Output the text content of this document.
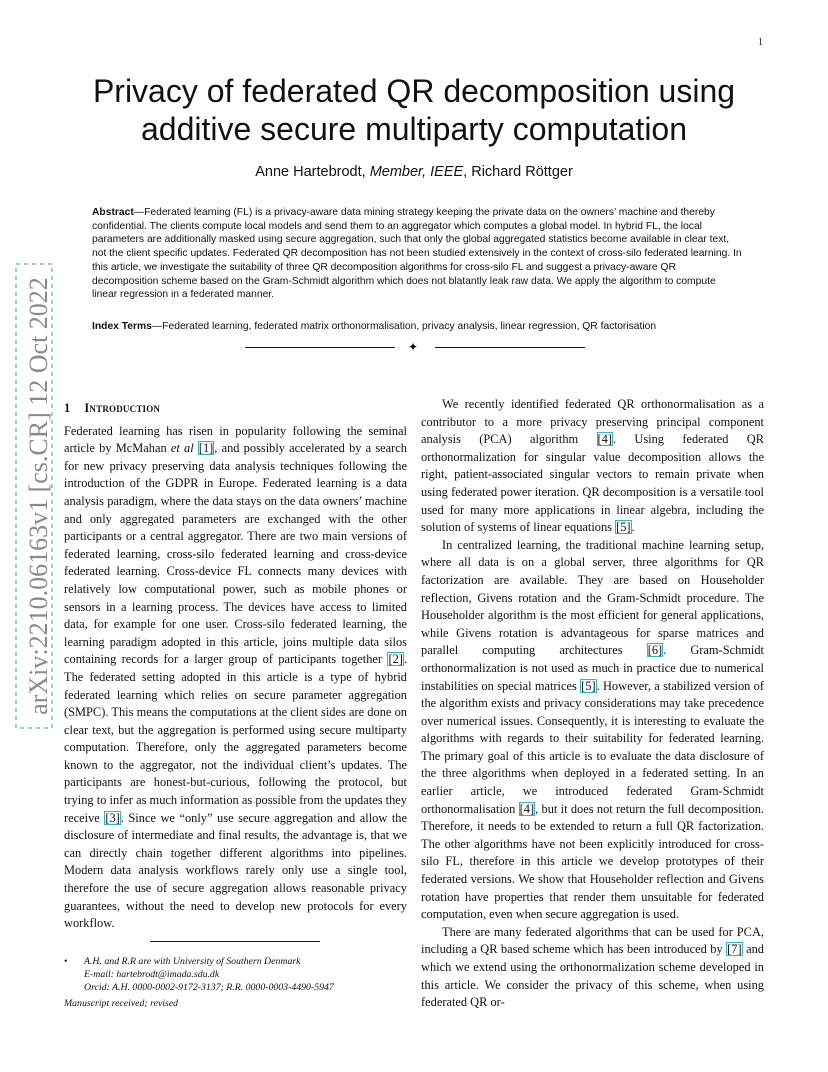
1
Privacy of federated QR decomposition using additive secure multiparty computation
Anne Hartebrodt, Member, IEEE, Richard Röttger

Abstract—Federated learning (FL) is a privacy-aware data mining strategy keeping the private data on the owners’ machine and thereby confidential. The clients compute local models and send them to an aggregator which computes a global model. In hybrid FL, the local parameters are additionally masked using secure aggregation, such that only the global aggregated statistics become available in clear text, not the client specific updates. Federated QR decomposition has not been studied extensively in the context of cross-silo federated learning. In this article, we investigate the suitability of three QR decomposition algorithms for cross-silo FL and suggest a privacy-aware QR decomposition scheme based on the Gram-Schmidt algorithm which does not blatantly leak raw data. We apply the algorithm to compute linear regression in a federated manner.

Index Terms—Federated learning, federated matrix orthonormalisation, privacy analysis, linear regression, QR factorisation

✦
arXiv:2210.06163v1 [cs.CR] 12 Oct 2022 1 Introduction

Federated learning has risen in popularity following the seminal article by McMahan et al [1], and possibly accelerated by a search for new privacy preserving data analysis techniques following the introduction of the GDPR in Europe. Federated learning is a data analysis paradigm, where the data stays on the data owners’ machine and only aggregated parameters are exchanged with the other participants or a central aggregator. There are two main versions of federated learning, cross-silo federated learning and cross-device federated learning. Cross-device FL connects many devices with relatively low computational power, such as mobile phones or sensors in a learning process. The devices have access to limited data, for example for one user. Cross-silo federated learning, the learning paradigm adopted in this article, joins multiple data silos containing records for a larger group of participants together [2]. The federated setting adopted in this article is a type of hybrid federated learning which relies on secure parameter aggregation (SMPC). This means the computations at the client sides are done on clear text, but the aggregation is performed using secure multiparty computation. Therefore, only the aggregated parameters become known to the aggregator, not the individual client’s updates. The participants are honest-but-curious, following the protocol, but trying to infer as much information as possible from the updates they receive [3]. Since we “only” use secure aggregation and allow the disclosure of intermediate and final results, the advantage is, that we can directly chain together different algorithms into pipelines. Modern data analysis workflows rarely only use a single tool, therefore the use of secure aggregation allows reasonable privacy guarantees, without the need to develop new protocols for every workflow.

We recently identified federated QR orthonormalisation as a contributor to a more privacy preserving principal component analysis (PCA) algorithm [4]. Using federated QR orthonormalization for singular value decomposition allows the right, patient-associated singular vectors to remain private when using federated power iteration. QR decomposition is a versatile tool used for many more applications in linear algebra, including the solution of systems of linear equations [5].

In centralized learning, the traditional machine learning setup, where all data is on a global server, three algorithms for QR factorization are available. They are based on Householder reflection, Givens rotation and the Gram-Schmidt procedure. The Householder algorithm is the most efficient for general applications, while Givens rotation is advantageous for sparse matrices and parallel computing architectures [6]. Gram-Schmidt orthonormalization is not used as much in practice due to numerical instabilities on special matrices [5]. However, a stabilized version of the algorithm exists and privacy considerations may take precedence over numerical issues. Consequently, it is interesting to evaluate the algorithms with regards to their suitability for federated learning. The primary goal of this article is to evaluate the data disclosure of the three algorithms when deployed in a federated setting. In an earlier article, we introduced federated Gram-Schmidt orthonormalisation [4], but it does not return the full decomposition. Therefore, it needs to be extended to return a full QR factorization. The other algorithms have not been explicitly introduced for cross-silo FL, therefore in this article we develop prototypes of their federated versions. We show that Householder reflection and Givens rotation have properties that render them unsuitable for federated computation, even when secure aggregation is used.

There are many federated algorithms that can be used for PCA, including a QR based scheme which has been introduced by [7] and which we extend using the orthonormalization scheme developed in this article. We consider the privacy of this scheme, when using federated QR or-

• A.H. and R.R are with University of Southern Denmark
E-mail: hartebrodt@imada.sdu.dk
Orcid: A.H. 0000-0002-9172-3137; R.R. 0000-0003-4490-5947
Manuscript received; revised
